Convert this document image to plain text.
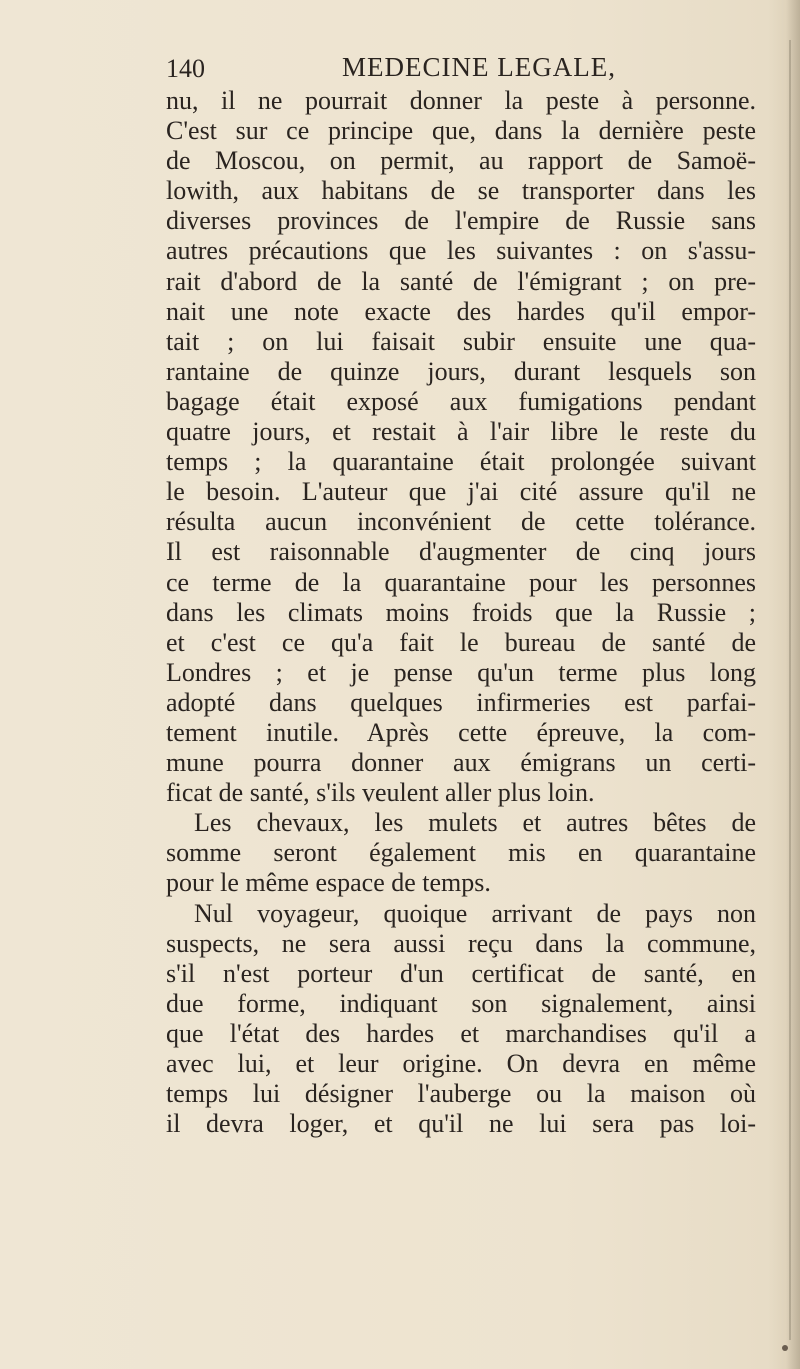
140	MEDECINE LEGALE,
nu, il ne pourrait donner la peste à personne.
C'est sur ce principe que, dans la dernière peste
de Moscou, on permit, au rapport de Samoë-
lowith, aux habitans de se transporter dans les
diverses provinces de l'empire de Russie sans
autres précautions que les suivantes : on s'assu-
rait d'abord de la santé de l'émigrant ; on pre-
nait une note exacte des hardes qu'il empor-
tait ; on lui faisait subir ensuite une qua-
rantaine de quinze jours, durant lesquels son
bagage était exposé aux fumigations pendant
quatre jours, et restait à l'air libre le reste du
temps ; la quarantaine était prolongée suivant
le besoin. L'auteur que j'ai cité assure qu'il ne
résulta aucun inconvénient de cette tolérance.
Il est raisonnable d'augmenter de cinq jours
ce terme de la quarantaine pour les personnes
dans les climats moins froids que la Russie ;
et c'est ce qu'a fait le bureau de santé de
Londres ; et je pense qu'un terme plus long
adopté dans quelques infirmeries est parfai-
tement inutile. Après cette épreuve, la com-
mune pourra donner aux émigrans un certi-
ficat de santé, s'ils veulent aller plus loin.
Les chevaux, les mulets et autres bêtes de
somme seront également mis en quarantaine
pour le même espace de temps.
Nul voyageur, quoique arrivant de pays non
suspects, ne sera aussi reçu dans la commune,
s'il n'est porteur d'un certificat de santé, en
due forme, indiquant son signalement, ainsi
que l'état des hardes et marchandises qu'il a
avec lui, et leur origine. On devra en même
temps lui désigner l'auberge ou la maison où
il devra loger, et qu'il ne lui sera pas loi-
